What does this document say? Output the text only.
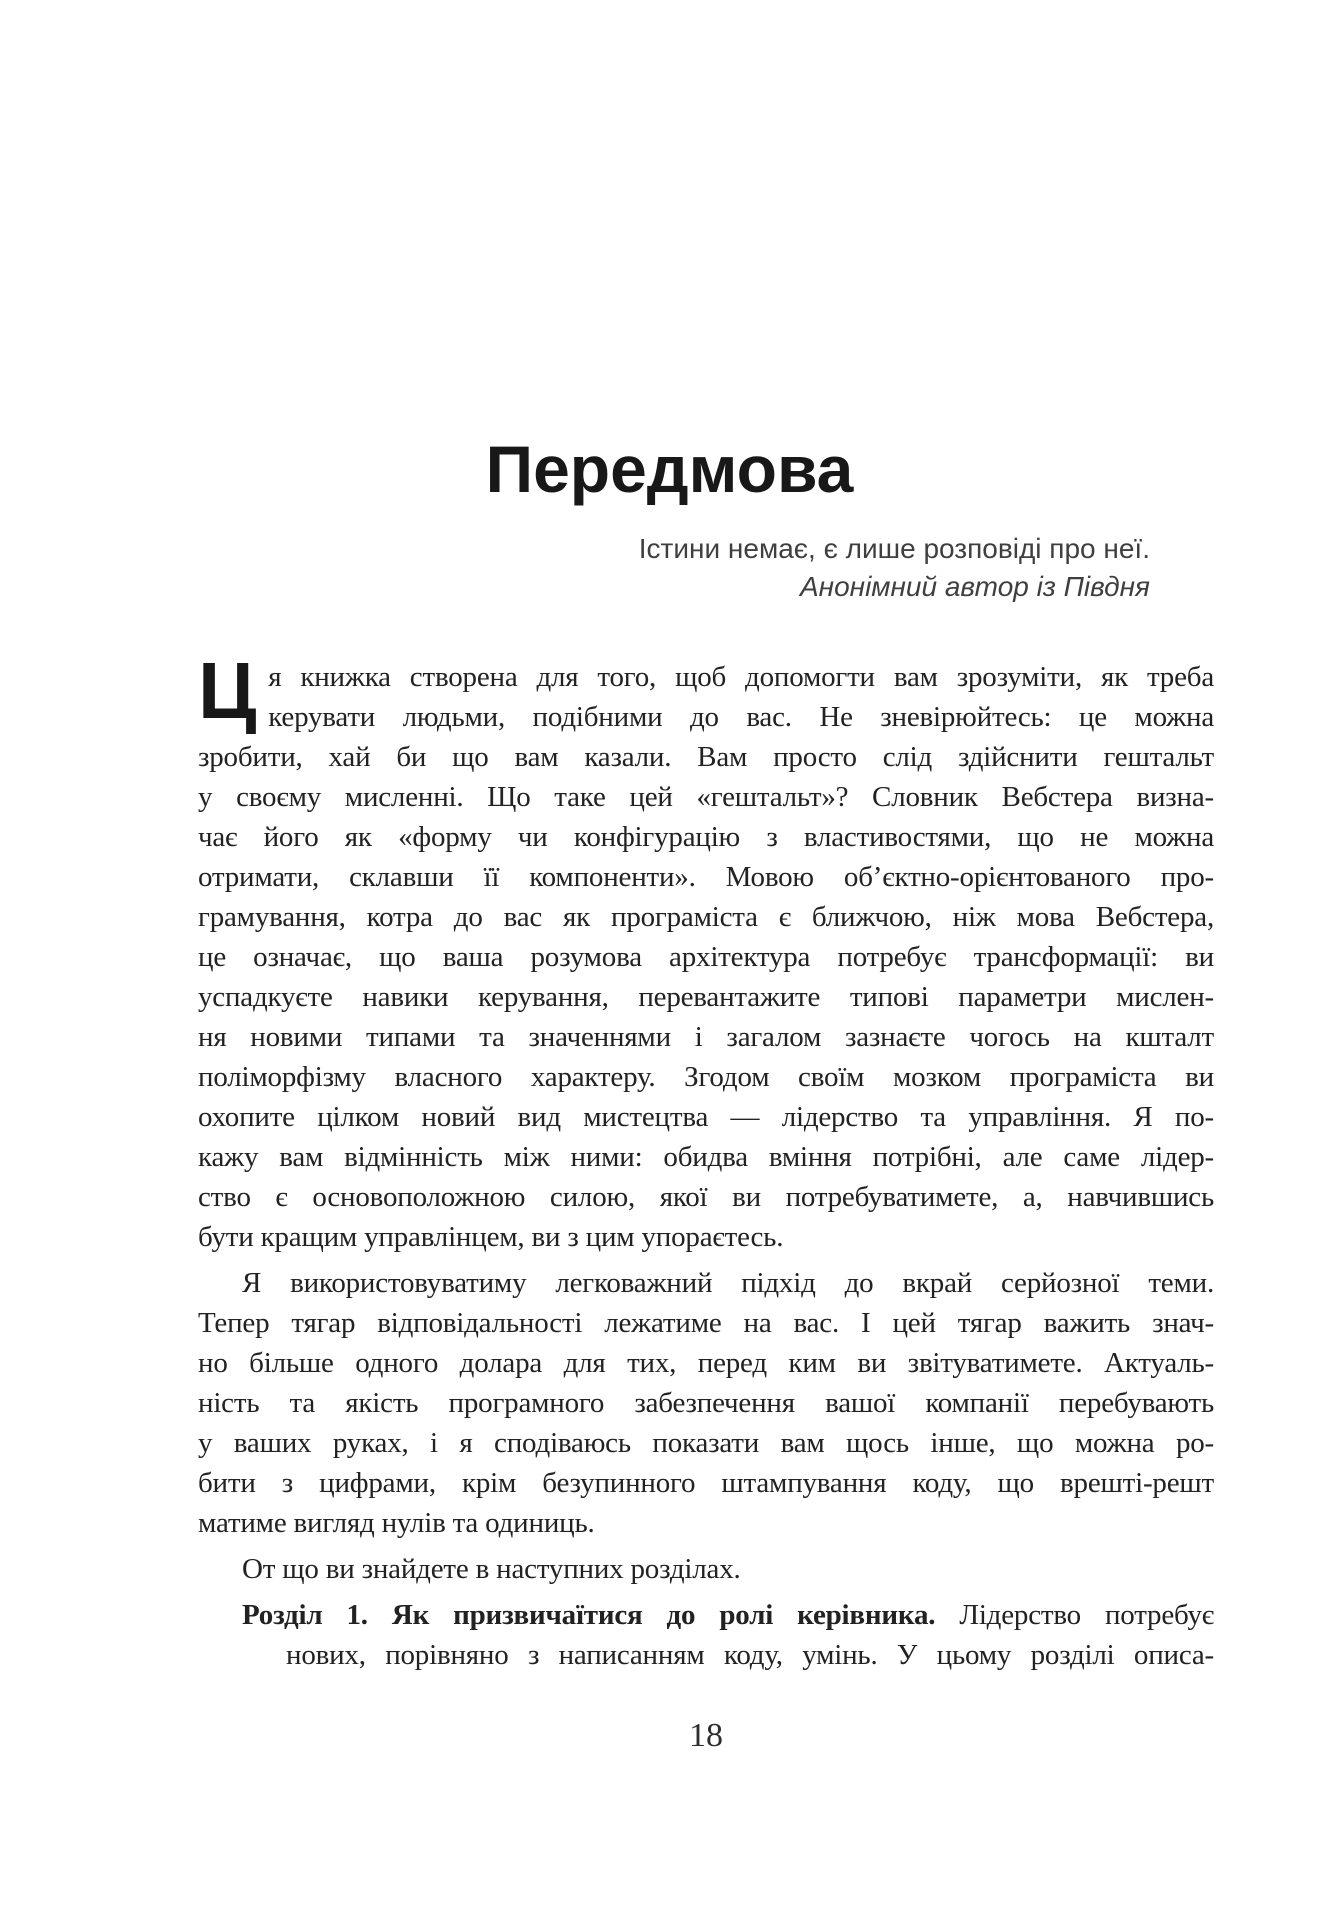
Передмова
Істини немає, є лише розповіді про неї.
Анонімний автор із Півдня
Ц я книжка створена для того, щоб допомогти вам зрозуміти, як треба
керувати людьми, подібними до вас. Не зневірюйтесь: це можна
зробити, хай би що вам казали. Вам просто слід здійснити гештальт
у своєму мисленні. Що таке цей «гештальт»? Словник Вебстера визна-
чає його як «форму чи конфігурацію з властивостями, що не можна
отримати, склавши її компоненти». Мовою об’єктно-орієнтованого про-
грамування, котра до вас як програміста є ближчою, ніж мова Вебстера,
це означає, що ваша розумова архітектура потребує трансформації: ви
успадкуєте навики керування, перевантажите типові параметри мислен-
ня новими типами та значеннями і загалом зазнаєте чогось на кшталт
поліморфізму власного характеру. Згодом своїм мозком програміста ви
охопите цілком новий вид мистецтва — лідерство та управління. Я по-
кажу вам відмінність між ними: обидва вміння потрібні, але саме лідер-
ство є основоположною силою, якої ви потребуватимете, а, навчившись
бути кращим управлінцем, ви з цим упораєтесь.
Я використовуватиму легковажний підхід до вкрай серйозної теми.
Тепер тягар відповідальності лежатиме на вас. І цей тягар важить знач-
но більше одного долара для тих, перед ким ви звітуватимете. Актуаль-
ність та якість програмного забезпечення вашої компанії перебувають
у ваших руках, і я сподіваюсь показати вам щось інше, що можна ро-
бити з цифрами, крім безупинного штампування коду, що врешті-решт
матиме вигляд нулів та одиниць.
От що ви знайдете в наступних розділах.
Розділ 1. Як призвичаїтися до ролі керівника. Лідерство потребує
нових, порівняно з написанням коду, умінь. У цьому розділі описа-
18
